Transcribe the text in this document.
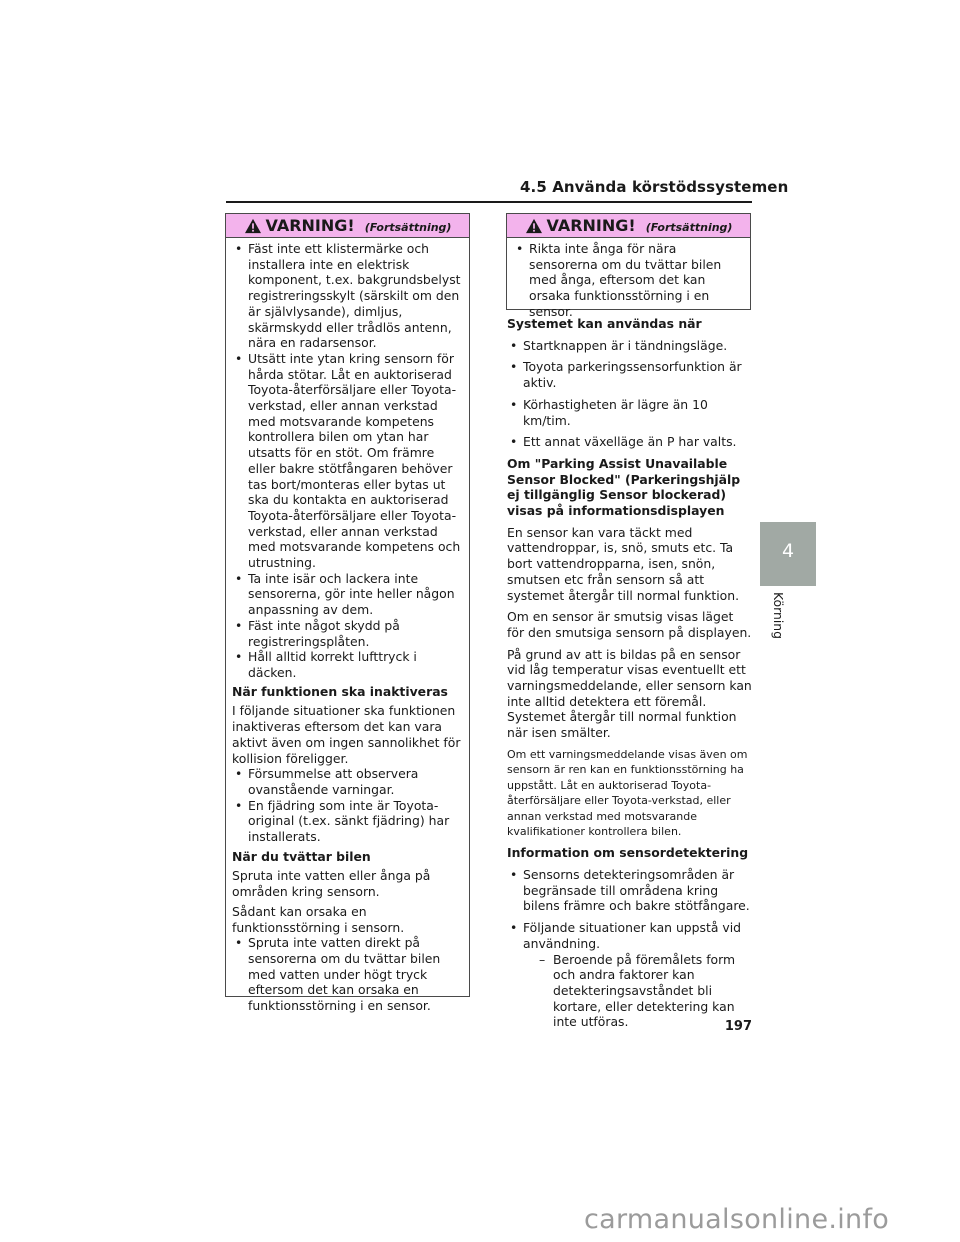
4.5 Använda körstödssystemen
VARNING! (Fortsättning)
• Fäst inte ett klistermärke och installera inte en elektrisk komponent, t.ex. bakgrundsbelyst registreringsskylt (särskilt om den är självlysande), dimljus, skärmskydd eller trådlös antenn, nära en radarsensor.
• Utsätt inte ytan kring sensorn för hårda stötar. Låt en auktoriserad Toyota-återförsäljare eller Toyota-verkstad, eller annan verkstad med motsvarande kompetens kontrollera bilen om ytan har utsatts för en stöt. Om främre eller bakre stötfångaren behöver tas bort/monteras eller bytas ut ska du kontakta en auktoriserad Toyota-återförsäljare eller Toyota-verkstad, eller annan verkstad med motsvarande kompetens och utrustning.
• Ta inte isär och lackera inte sensorerna, gör inte heller någon anpassning av dem.
• Fäst inte något skydd på registreringsplåten.
• Håll alltid korrekt lufttryck i däcken.
När funktionen ska inaktiveras
I följande situationer ska funktionen inaktiveras eftersom det kan vara aktivt även om ingen sannolikhet för kollision föreligger.
• Försummelse att observera ovanstående varningar.
• En fjädring som inte är Toyota-original (t.ex. sänkt fjädring) har installerats.
När du tvättar bilen
Spruta inte vatten eller ånga på områden kring sensorn.
Sådant kan orsaka en funktionsstörning i sensorn.
• Spruta inte vatten direkt på sensorerna om du tvättar bilen med vatten under högt tryck eftersom det kan orsaka en funktionsstörning i en sensor.
VARNING! (Fortsättning)
• Rikta inte ånga för nära sensorerna om du tvättar bilen med ånga, eftersom det kan orsaka funktionsstörning i en sensor.
Systemet kan användas när
• Startknappen är i tändningsläge.
• Toyota parkeringssensorfunktion är aktiv.
• Körhastigheten är lägre än 10 km/tim.
• Ett annat växelläge än P har valts.
Om "Parking Assist Unavailable Sensor Blocked" (Parkeringshjälp ej tillgänglig Sensor blockerad) visas på informationsdisplayen

En sensor kan vara täckt med vattendroppar, is, snö, smuts etc. Ta bort vattendropparna, isen, snön, smutsen etc från sensorn så att systemet återgår till normal funktion.

Om en sensor är smutsig visas läget för den smutsiga sensorn på displayen.

På grund av att is bildas på en sensor vid låg temperatur visas eventuellt ett varningsmeddelande, eller sensorn kan inte alltid detektera ett föremål. Systemet återgår till normal funktion när isen smälter.

Om ett varningsmeddelande visas även om sensorn är ren kan en funktionsstörning ha uppstått. Låt en auktoriserad Toyota-återförsäljare eller Toyota-verkstad, eller annan verkstad med motsvarande kvalifikationer kontrollera bilen.

Information om sensordetektering
• Sensorns detekteringsområden är begränsade till områdena kring bilens främre och bakre stötfångare.
• Följande situationer kan uppstå vid användning.
– Beroende på föremålets form och andra faktorer kan detekteringsavståndet bli kortare, eller detektering kan inte utföras.
4
Körning
197
carmanualsonline.info
